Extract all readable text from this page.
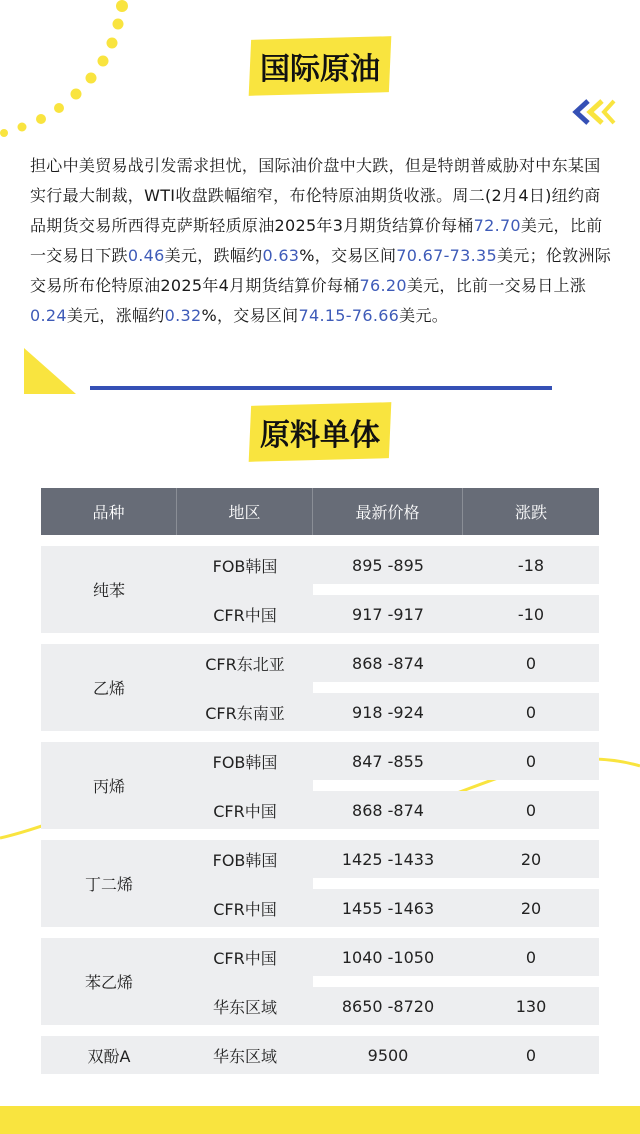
国际原油
担心中美贸易战引发需求担忧，国际油价盘中大跌，但是特朗普威胁对中东某国实行最大制裁，WTI收盘跌幅缩窄，布伦特原油期货收涨。周二(2月4日)纽约商品期货交易所西得克萨斯轻质原油2025年3月期货结算价每桶72.70美元，比前一交易日下跌0.46美元，跌幅约0.63%，交易区间70.67-73.35美元；伦敦洲际交易所布伦特原油2025年4月期货结算价每桶76.20美元，比前一交易日上涨0.24美元，涨幅约0.32%，交易区间74.15-76.66美元。
原料单体
品种	地区	最新价格	涨跌

纯苯	FOB韩国	895 -895	-18

	CFR中国	917 -917	-10

乙烯	CFR东北亚	868 -874	0

	CFR东南亚	918 -924	0

丙烯	FOB韩国	847 -855	0

	CFR中国	868 -874	0

丁二烯	FOB韩国	1425 -1433	20

	CFR中国	1455 -1463	20

苯乙烯	CFR中国	1040 -1050	0

	华东区域	8650 -8720	130

双酚A	华东区域	9500	0
